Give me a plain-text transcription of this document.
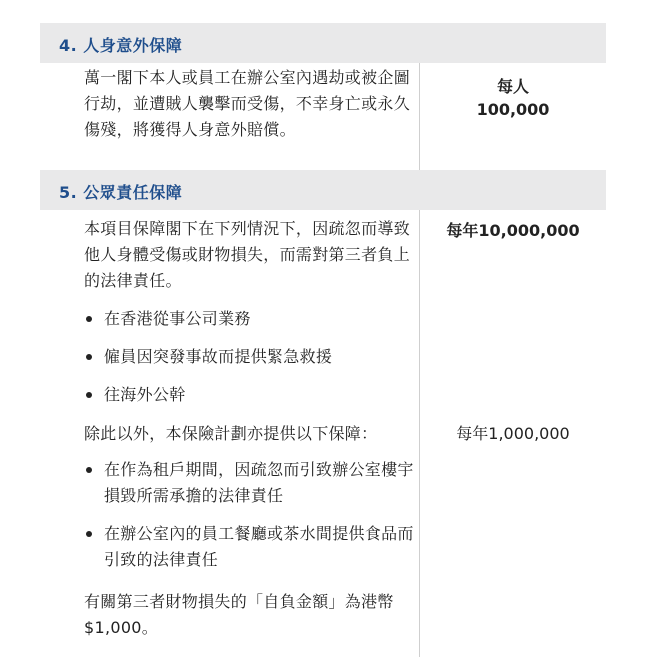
4. 人身意外保障
萬一閣下本人或員工在辦公室內遇劫或被企圖行劫，並遭賊人襲擊而受傷，不幸身亡或永久傷殘，將獲得人身意外賠償。
每人
100,000
5. 公眾責任保障
本項目保障閣下在下列情況下，因疏忽而導致他人身體受傷或財物損失，而需對第三者負上的法律責任。
每年10,000,000
在香港從事公司業務
僱員因突發事故而提供緊急救援
往海外公幹
除此以外，本保險計劃亦提供以下保障：	每年1,000,000
在作為租戶期間，因疏忽而引致辦公室樓宇損毀所需承擔的法律責任
在辦公室內的員工餐廳或茶水間提供食品而引致的法律責任
有關第三者財物損失的「自負金額」為港幣$1,000。
